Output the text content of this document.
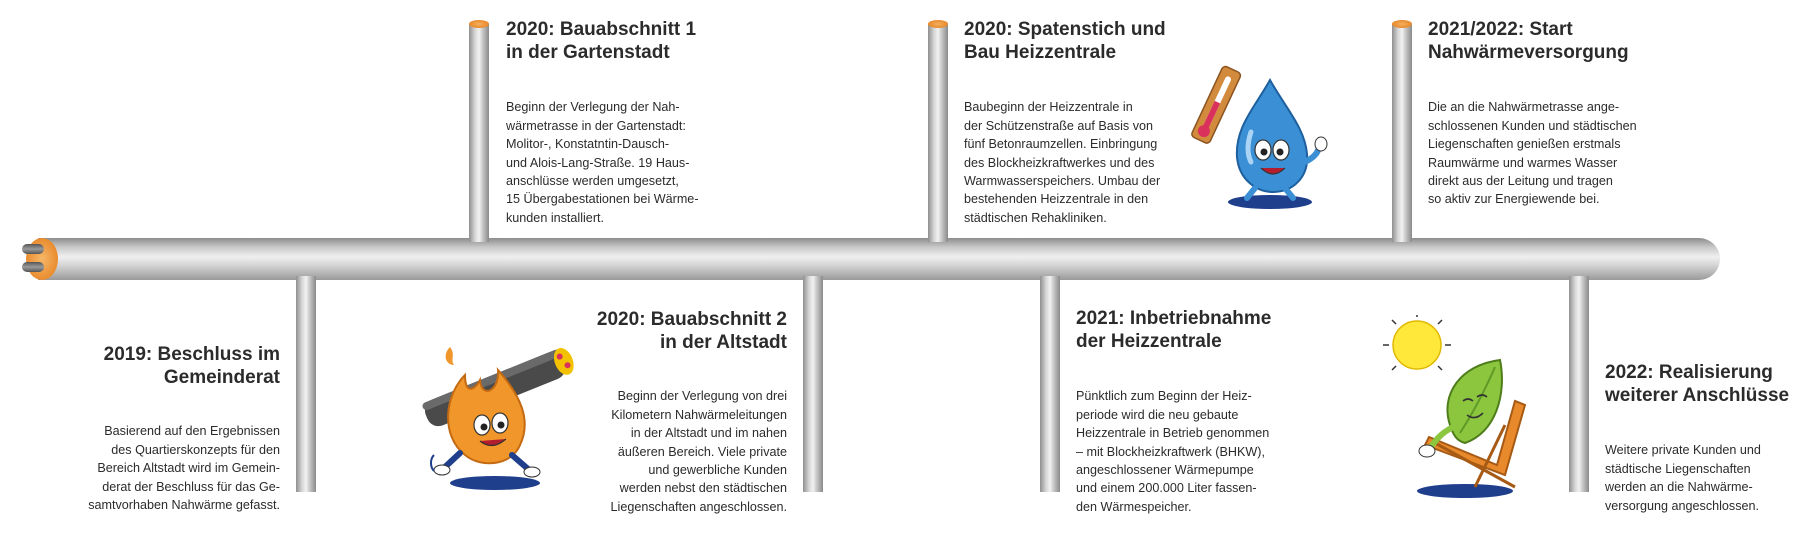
2019: Beschluss im
Gemeinderat

Basierend auf den Ergebnissen
des Quartierskonzepts für den
Bereich Altstadt wird im Gemein-
derat der Beschluss für das Ge-
samtvorhaben Nahwärme gefasst.

2020: Bauabschnitt 1
in der Gartenstadt

Beginn der Verlegung der Nah-
wärmetrasse in der Gartenstadt:
Molitor-, Konstatntin-Dausch-
und Alois-Lang-Straße. 19 Haus-
anschlüsse werden umgesetzt,
15 Übergabestationen bei Wärme-
kunden installiert.

2020: Bauabschnitt 2
in der Altstadt

Beginn der Verlegung von drei
Kilometern Nahwärmeleitungen
in der Altstadt und im nahen
äußeren Bereich. Viele private
und gewerbliche Kunden
werden nebst den städtischen
Liegenschaften angeschlossen.

2020: Spatenstich und
Bau Heizzentrale

Baubeginn der Heizzentrale in
der Schützenstraße auf Basis von
fünf Betonraumzellen. Einbringung
des Blockheizkraftwerkes und des
Warmwasserspeichers. Umbau der
bestehenden Heizzentrale in den
städtischen Rehakliniken.

2021: Inbetriebnahme
der Heizzentrale

Pünktlich zum Beginn der Heiz-
periode wird die neu gebaute
Heizzentrale in Betrieb genommen
– mit Blockheizkraftwerk (BHKW),
angeschlossener Wärmepumpe
und einem 200.000 Liter fassen-
den Wärmespeicher.

2021/2022: Start
Nahwärmeversorgung

Die an die Nahwärmetrasse ange-
schlossenen Kunden und städtischen
Liegenschaften genießen erstmals
Raumwärme und warmes Wasser
direkt aus der Leitung und tragen
so aktiv zur Energiewende bei.

2022: Realisierung
weiterer Anschlüsse

Weitere private Kunden und
städtische Liegenschaften
werden an die Nahwärme-
versorgung angeschlossen.
